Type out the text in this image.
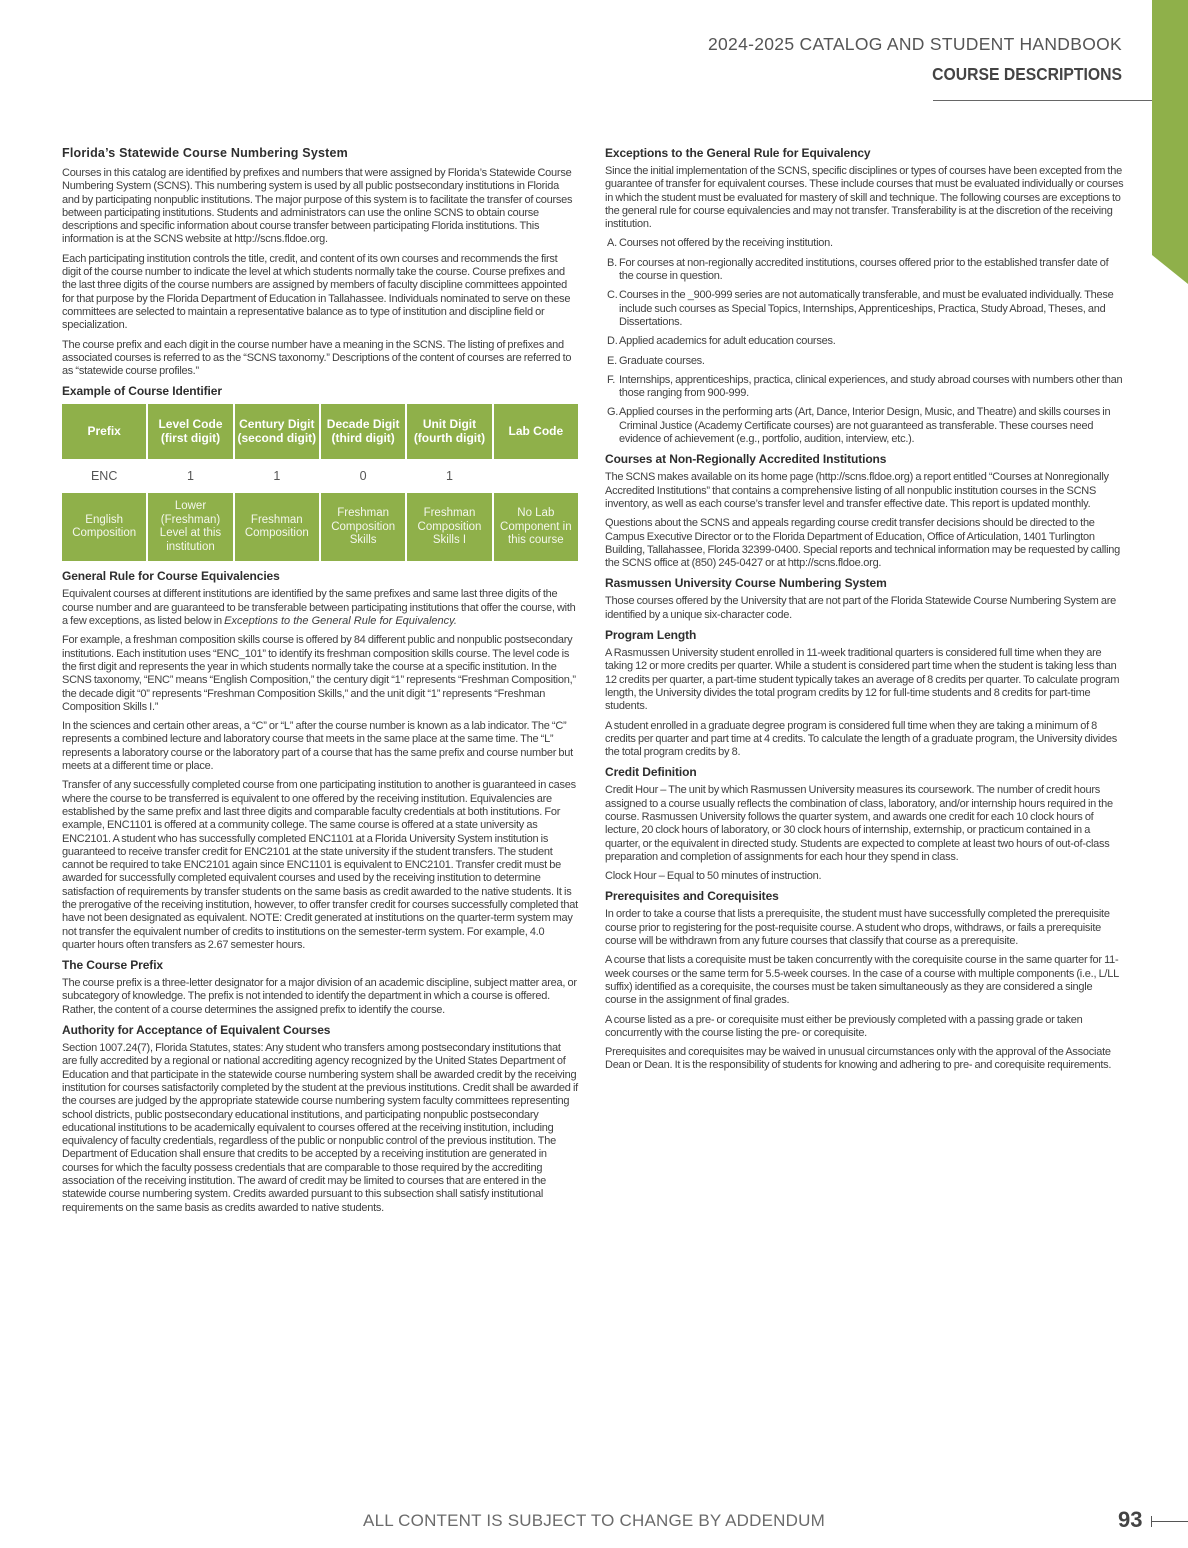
2024-2025 CATALOG AND STUDENT HANDBOOK
COURSE DESCRIPTIONS
Florida’s Statewide Course Numbering System
Courses in this catalog are identified by prefixes and numbers that were assigned by Florida’s Statewide Course Numbering System (SCNS). This numbering system is used by all public postsecondary institutions in Florida and by participating nonpublic institutions. The major purpose of this system is to facilitate the transfer of courses between participating institutions. Students and administrators can use the online SCNS to obtain course descriptions and specific information about course transfer between participating Florida institutions. This information is at the SCNS website at http://scns.fldoe.org.
Each participating institution controls the title, credit, and content of its own courses and recommends the first digit of the course number to indicate the level at which students normally take the course. Course prefixes and the last three digits of the course numbers are assigned by members of faculty discipline committees appointed for that purpose by the Florida Department of Education in Tallahassee. Individuals nominated to serve on these committees are selected to maintain a representative balance as to type of institution and discipline field or specialization.
The course prefix and each digit in the course number have a meaning in the SCNS. The listing of prefixes and associated courses is referred to as the “SCNS taxonomy.” Descriptions of the content of courses are referred to as “statewide course profiles.”
Example of Course Identifier
Prefix	Level Code (first digit)	Century Digit (second digit)	Decade Digit (third digit)	Unit Digit (fourth digit)	Lab Code
ENC	1	1	0	1	
English Composition	Lower (Freshman) Level at this institution	Freshman Composition	Freshman Composition Skills	Freshman Composition Skills I	No Lab Component in this course
General Rule for Course Equivalencies
Equivalent courses at different institutions are identified by the same prefixes and same last three digits of the course number and are guaranteed to be transferable between participating institutions that offer the course, with a few exceptions, as listed below in Exceptions to the General Rule for Equivalency.
For example, a freshman composition skills course is offered by 84 different public and nonpublic postsecondary institutions. Each institution uses “ENC_101” to identify its freshman composition skills course. The level code is the first digit and represents the year in which students normally take the course at a specific institution. In the SCNS taxonomy, “ENC” means “English Composition,” the century digit “1” represents “Freshman Composition,” the decade digit “0” represents “Freshman Composition Skills,” and the unit digit “1” represents “Freshman Composition Skills I.”
In the sciences and certain other areas, a “C” or “L” after the course number is known as a lab indicator. The “C” represents a combined lecture and laboratory course that meets in the same place at the same time. The “L” represents a laboratory course or the laboratory part of a course that has the same prefix and course number but meets at a different time or place.
Transfer of any successfully completed course from one participating institution to another is guaranteed in cases where the course to be transferred is equivalent to one offered by the receiving institution. Equivalencies are established by the same prefix and last three digits and comparable faculty credentials at both institutions. For example, ENC1101 is offered at a community college. The same course is offered at a state university as ENC2101. A student who has successfully completed ENC1101 at a Florida University System institution is guaranteed to receive transfer credit for ENC2101 at the state university if the student transfers. The student cannot be required to take ENC2101 again since ENC1101 is equivalent to ENC2101. Transfer credit must be awarded for successfully completed equivalent courses and used by the receiving institution to determine satisfaction of requirements by transfer students on the same basis as credit awarded to the native students. It is the prerogative of the receiving institution, however, to offer transfer credit for courses successfully completed that have not been designated as equivalent. NOTE: Credit generated at institutions on the quarter-term system may not transfer the equivalent number of credits to institutions on the semester-term system. For example, 4.0 quarter hours often transfers as 2.67 semester hours.
The Course Prefix
The course prefix is a three-letter designator for a major division of an academic discipline, subject matter area, or subcategory of knowledge. The prefix is not intended to identify the department in which a course is offered. Rather, the content of a course determines the assigned prefix to identify the course.
Authority for Acceptance of Equivalent Courses
Section 1007.24(7), Florida Statutes, states: Any student who transfers among postsecondary institutions that are fully accredited by a regional or national accrediting agency recognized by the United States Department of Education and that participate in the statewide course numbering system shall be awarded credit by the receiving institution for courses satisfactorily completed by the student at the previous institutions. Credit shall be awarded if the courses are judged by the appropriate statewide course numbering system faculty committees representing school districts, public postsecondary educational institutions, and participating nonpublic postsecondary educational institutions to be academically equivalent to courses offered at the receiving institution, including equivalency of faculty credentials, regardless of the public or nonpublic control of the previous institution. The Department of Education shall ensure that credits to be accepted by a receiving institution are generated in courses for which the faculty possess credentials that are comparable to those required by the accrediting association of the receiving institution. The award of credit may be limited to courses that are entered in the statewide course numbering system. Credits awarded pursuant to this subsection shall satisfy institutional requirements on the same basis as credits awarded to native students.
Exceptions to the General Rule for Equivalency
Since the initial implementation of the SCNS, specific disciplines or types of courses have been excepted from the guarantee of transfer for equivalent courses. These include courses that must be evaluated individually or courses in which the student must be evaluated for mastery of skill and technique. The following courses are exceptions to the general rule for course equivalencies and may not transfer. Transferability is at the discretion of the receiving institution.
A. Courses not offered by the receiving institution.
B. For courses at non-regionally accredited institutions, courses offered prior to the established transfer date of the course in question.
C. Courses in the _900-999 series are not automatically transferable, and must be evaluated individually. These include such courses as Special Topics, Internships, Apprenticeships, Practica, Study Abroad, Theses, and Dissertations.
D. Applied academics for adult education courses.
E. Graduate courses.
F. Internships, apprenticeships, practica, clinical experiences, and study abroad courses with numbers other than those ranging from 900-999.
G.Applied courses in the performing arts (Art, Dance, Interior Design, Music, and Theatre) and skills courses in Criminal Justice (Academy Certificate courses) are not guaranteed as transferable. These courses need evidence of achievement (e.g., portfolio, audition, interview, etc.).
Courses at Non-Regionally Accredited Institutions
The SCNS makes available on its home page (http://scns.fldoe.org) a report entitled “Courses at Nonregionally Accredited Institutions” that contains a comprehensive listing of all nonpublic institution courses in the SCNS inventory, as well as each course’s transfer level and transfer effective date. This report is updated monthly.
Questions about the SCNS and appeals regarding course credit transfer decisions should be directed to the Campus Executive Director or to the Florida Department of Education, Office of Articulation, 1401 Turlington Building, Tallahassee, Florida 32399-0400. Special reports and technical information may be requested by calling the SCNS office at (850) 245-0427 or at http://scns.fldoe.org.
Rasmussen University Course Numbering System
Those courses offered by the University that are not part of the Florida Statewide Course Numbering System are identified by a unique six-character code.
Program Length
A Rasmussen University student enrolled in 11-week traditional quarters is considered full time when they are taking 12 or more credits per quarter. While a student is considered part time when the student is taking less than 12 credits per quarter, a part-time student typically takes an average of 8 credits per quarter. To calculate program length, the University divides the total program credits by 12 for full-time students and 8 credits for part-time students.
A student enrolled in a graduate degree program is considered full time when they are taking a minimum of 8 credits per quarter and part time at 4 credits. To calculate the length of a graduate program, the University divides the total program credits by 8.
Credit Definition
Credit Hour – The unit by which Rasmussen University measures its coursework. The number of credit hours assigned to a course usually reflects the combination of class, laboratory, and/or internship hours required in the course. Rasmussen University follows the quarter system, and awards one credit for each 10 clock hours of lecture, 20 clock hours of laboratory, or 30 clock hours of internship, externship, or practicum contained in a quarter, or the equivalent in directed study. Students are expected to complete at least two hours of out-of-class preparation and completion of assignments for each hour they spend in class.
Clock Hour – Equal to 50 minutes of instruction.
Prerequisites and Corequisites
In order to take a course that lists a prerequisite, the student must have successfully completed the prerequisite course prior to registering for the post-requisite course. A student who drops, withdraws, or fails a prerequisite course will be withdrawn from any future courses that classify that course as a prerequisite.
A course that lists a corequisite must be taken concurrently with the corequisite course in the same quarter for 11-week courses or the same term for 5.5-week courses. In the case of a course with multiple components (i.e., L/LL suffix) identified as a corequisite, the courses must be taken simultaneously as they are considered a single course in the assignment of final grades.
A course listed as a pre- or corequisite must either be previously completed with a passing grade or taken concurrently with the course listing the pre- or corequisite.
Prerequisites and corequisites may be waived in unusual circumstances only with the approval of the Associate Dean or Dean. It is the responsibility of students for knowing and adhering to pre- and corequisite requirements.
ALL CONTENT IS SUBJECT TO CHANGE BY ADDENDUM	93
